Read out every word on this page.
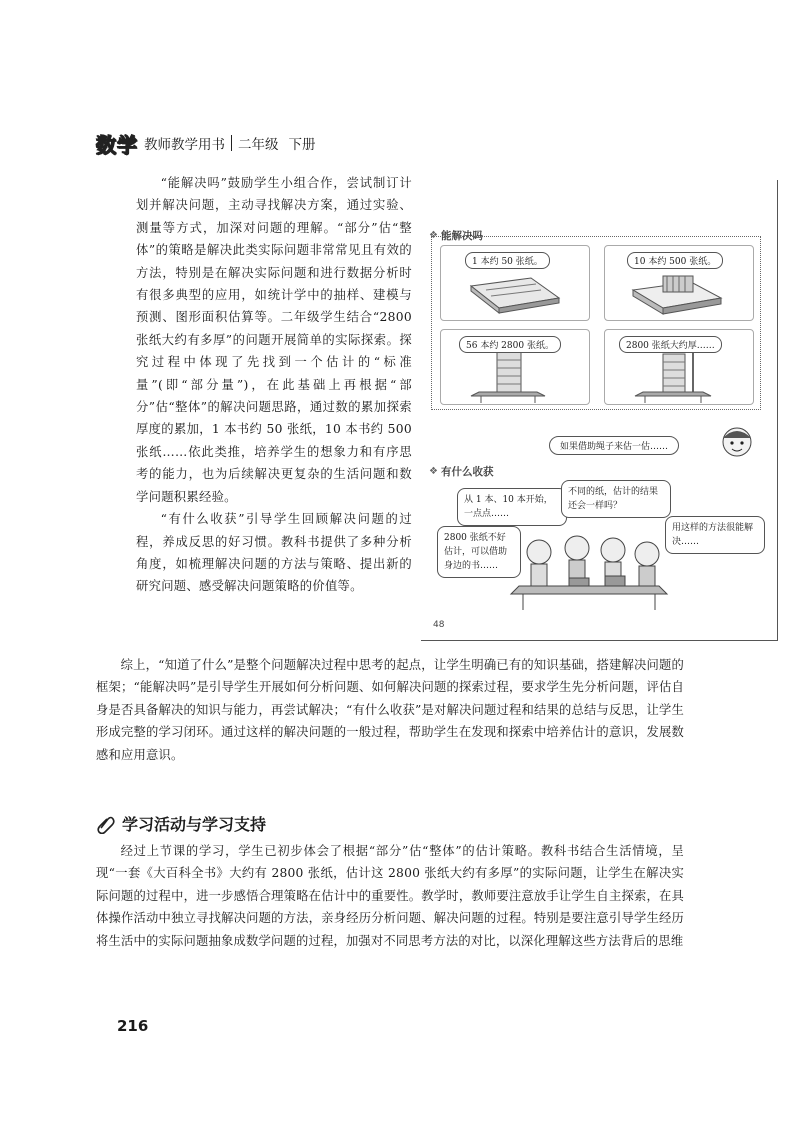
数 学 教师教学用书 二年级 下册

“能解决吗”鼓励学生小组合作，尝试制订计划并解决问题，主动寻找解决方案，通过实验、测量等方式，加深对问题的理解。“部分”估“整体”的策略是解决此类实际问题非常常见且有效的方法，特别是在解决实际问题和进行数据分析时有很多典型的应用，如统计学中的抽样、建模与预测、图形面积估算等。二年级学生结合“2800 张纸大约有多厚”的问题开展简单的实际探索。探究过程中体现了先找到一个估计的“标准量”(即“部分量”)，在此基础上再根据“部分”估“整体”的解决问题思路，通过数的累加探索厚度的累加，1 本书约 50 张纸，10 本书约 500 张纸……依此类推，培养学生的想象力和有序思考的能力，也为后续解决更复杂的生活问题和数学问题积累经验。

“有什么收获”引导学生回顾解决问题的过程，养成反思的好习惯。教科书提供了多种分析角度，如梳理解决问题的方法与策略、提出新的研究问题、感受解决问题策略的价值等。

❖ 能解决吗
1 本约 50 张纸。	10 本约 500 张纸。
56 本约 2800 张纸。	2800 张纸大约厚……
如果借助绳子来估一估……
❖ 有什么收获
从 1 本、10 本开始，一点点……
不同的纸，估计的结果还会一样吗？
2800 张纸不好估计，可以借助身边的书……
用这样的方法很能解决……
48

综上，“知道了什么”是整个问题解决过程中思考的起点，让学生明确已有的知识基础，搭建解决问题的框架；“能解决吗”是引导学生开展如何分析问题、如何解决问题的探索过程，要求学生先分析问题，评估自身是否具备解决的知识与能力，再尝试解决；“有什么收获”是对解决问题过程和结果的总结与反思，让学生形成完整的学习闭环。通过这样的解决问题的一般过程，帮助学生在发现和探索中培养估计的意识，发展数感和应用意识。

学习活动与学习支持

经过上节课的学习，学生已初步体会了根据“部分”估“整体”的估计策略。教科书结合生活情境，呈现“一套《大百科全书》大约有 2800 张纸，估计这 2800 张纸大约有多厚”的实际问题，让学生在解决实际问题的过程中，进一步感悟合理策略在估计中的重要性。教学时，教师要注意放手让学生自主探索，在具体操作活动中独立寻找解决问题的方法，亲身经历分析问题、解决问题的过程。特别是要注意引导学生经历将生活中的实际问题抽象成数学问题的过程，加强对不同思考方法的对比，以深化理解这些方法背后的思维

216
